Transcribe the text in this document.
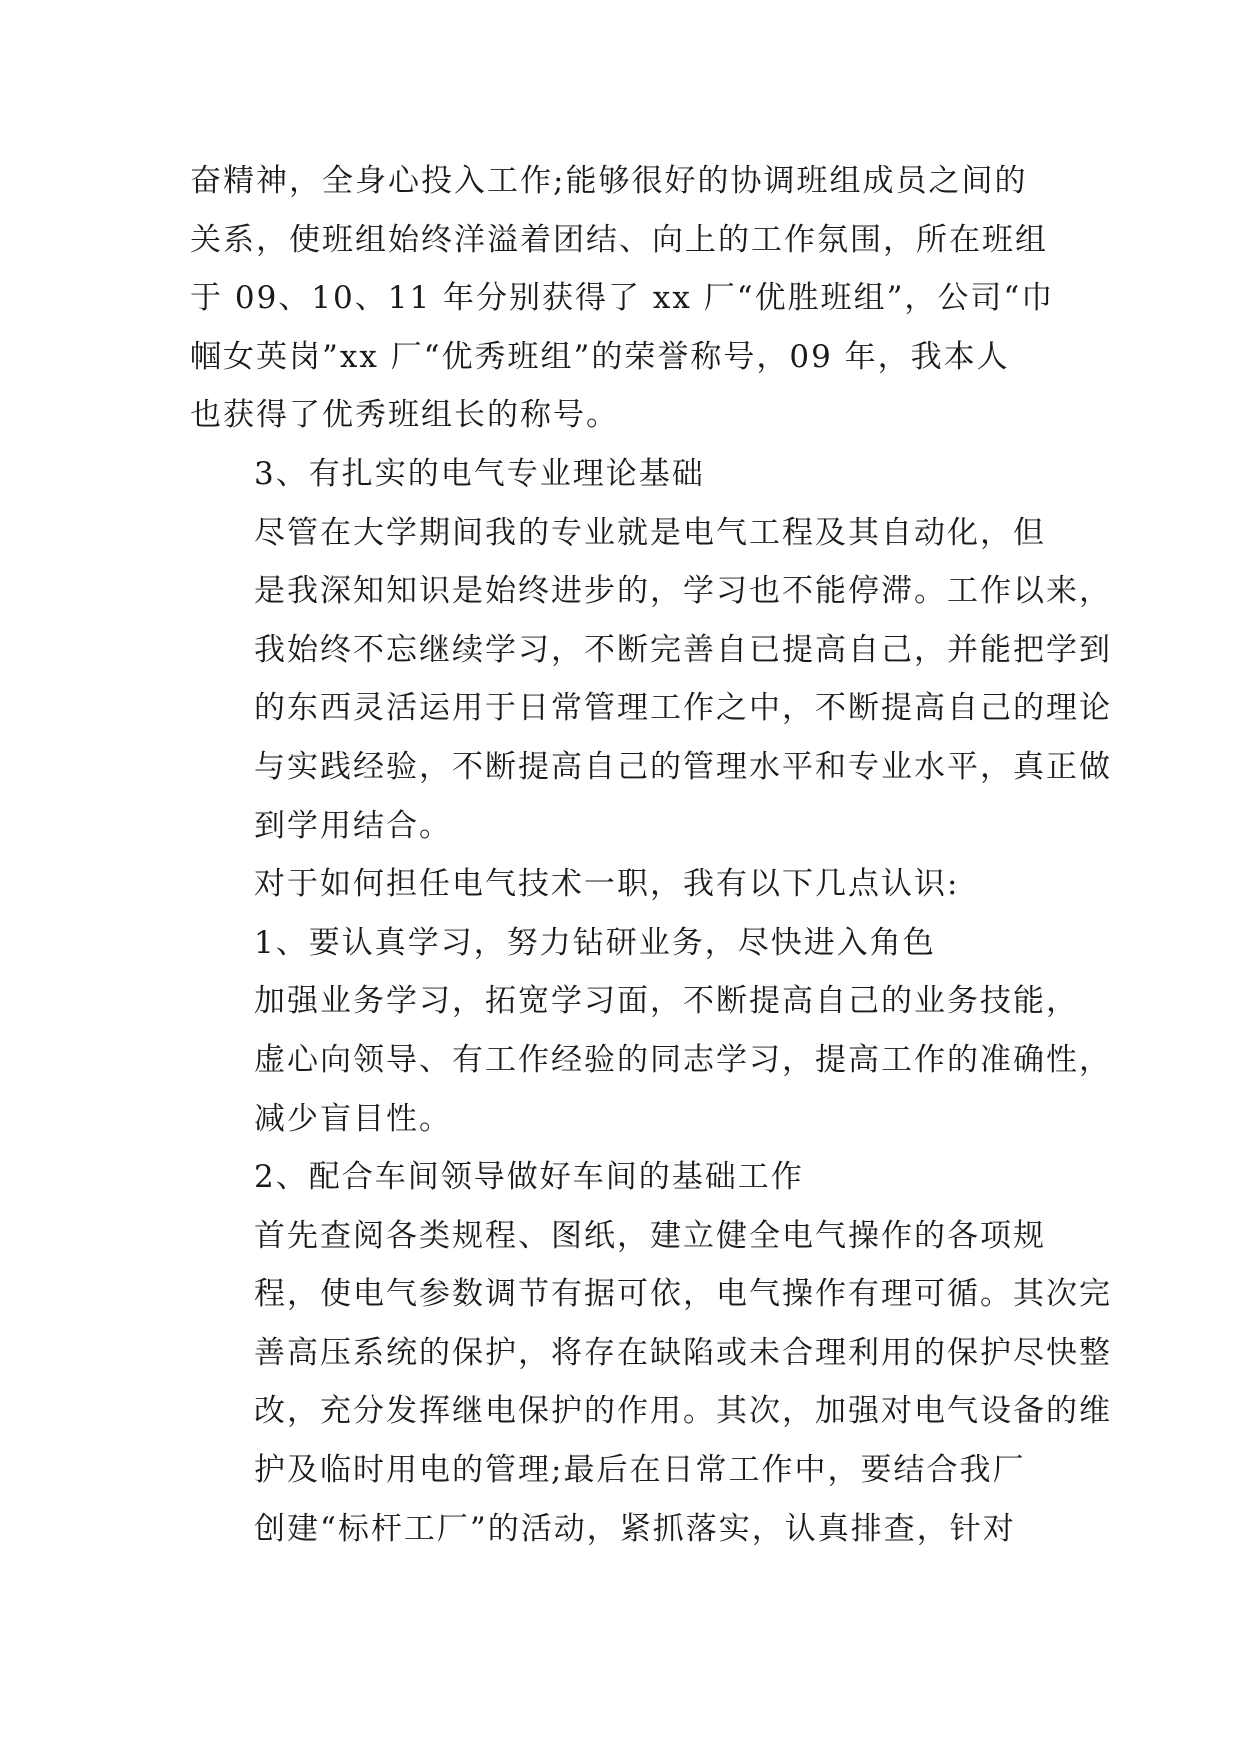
奋精神，全身心投入工作;能够很好的协调班组成员之间的
关系，使班组始终洋溢着团结、向上的工作氛围，所在班组
于 09、10、11 年分别获得了 xx 厂“优胜班组”，公司“巾
帼女英岗”xx 厂“优秀班组”的荣誉称号，09 年，我本人
也获得了优秀班组长的称号。

3、有扎实的电气专业理论基础

尽管在大学期间我的专业就是电气工程及其自动化，但
是我深知知识是始终进步的，学习也不能停滞。工作以来，
我始终不忘继续学习，不断完善自已提高自己，并能把学到
的东西灵活运用于日常管理工作之中，不断提高自己的理论
与实践经验，不断提高自己的管理水平和专业水平，真正做
到学用结合。

对于如何担任电气技术一职，我有以下几点认识:

1、要认真学习，努力钻研业务，尽快进入角色

加强业务学习，拓宽学习面，不断提高自己的业务技能，
虚心向领导、有工作经验的同志学习，提高工作的准确性，
减少盲目性。

2、配合车间领导做好车间的基础工作

首先查阅各类规程、图纸，建立健全电气操作的各项规
程，使电气参数调节有据可依，电气操作有理可循。其次完
善高压系统的保护，将存在缺陷或未合理利用的保护尽快整
改，充分发挥继电保护的作用。其次，加强对电气设备的维
护及临时用电的管理;最后在日常工作中，要结合我厂

创建“标杆工厂”的活动，紧抓落实，认真排查，针对
